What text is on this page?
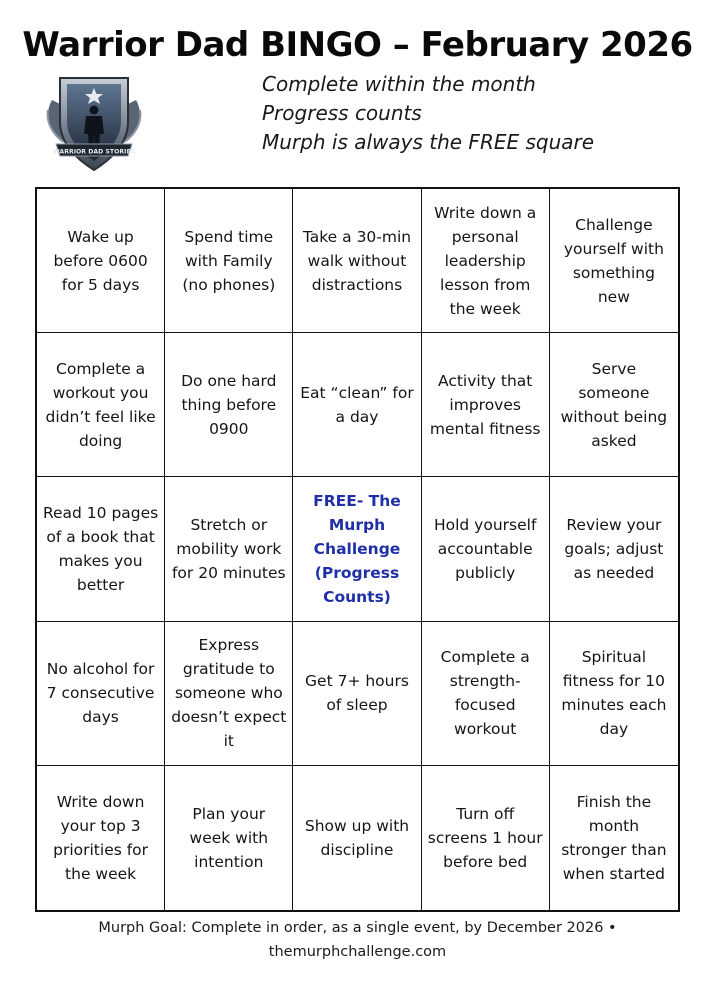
Warrior Dad BINGO – February 2026
WARRIOR DAD STORIES
Complete within the month
Progress counts
Murph is always the FREE square
Wake up before 0600 for 5 days
Spend time with Family (no phones)
Take a 30-min walk without distractions
Write down a personal leadership lesson from the week
Challenge yourself with something new
Complete a workout you didn’t feel like doing
Do one hard thing before 0900
Eat “clean” for a day
Activity that improves mental fitness
Serve someone without being asked
Read 10 pages of a book that makes you better
Stretch or mobility work for 20 minutes
FREE- The Murph Challenge (Progress Counts)
Hold yourself accountable publicly
Review your goals; adjust as needed
No alcohol for 7 consecutive days
Express gratitude to someone who doesn’t expect it
Get 7+ hours of sleep
Complete a strength-focused workout
Spiritual fitness for 10 minutes each day
Write down your top 3 priorities for the week
Plan your week with intention
Show up with discipline
Turn off screens 1 hour before bed
Finish the month stronger than when started
Murph Goal: Complete in order, as a single event, by December 2026 •
themurphchallenge.com
